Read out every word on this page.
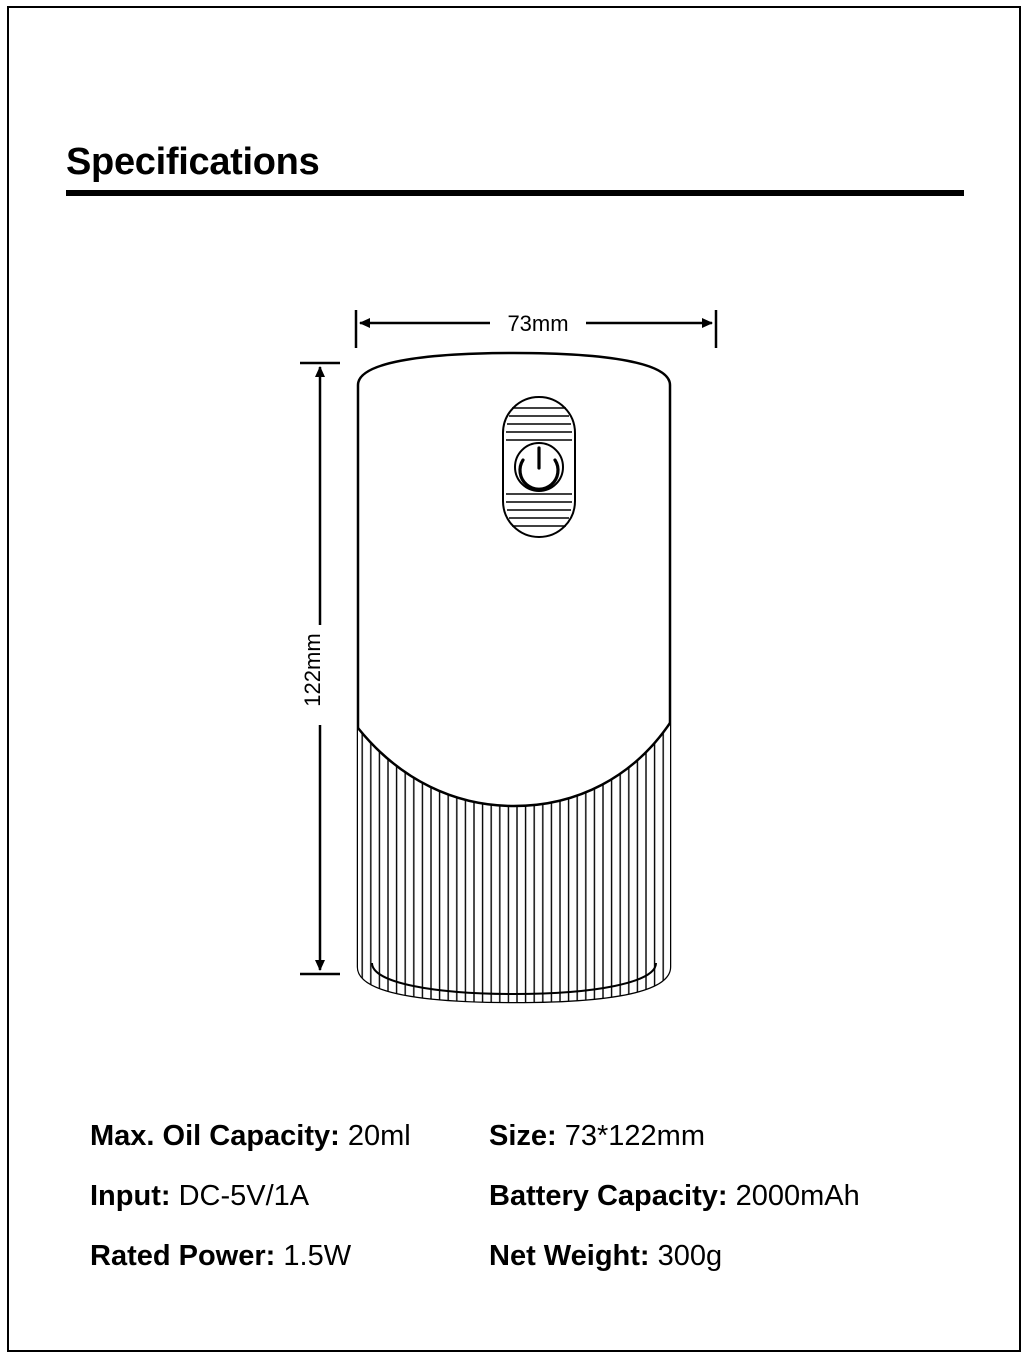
Specifications
73mm
122mm
Max. Oil Capacity: 20ml
Input: DC-5V/1A
Rated Power: 1.5W
Size: 73*122mm
Battery Capacity: 2000mAh
Net Weight: 300g
